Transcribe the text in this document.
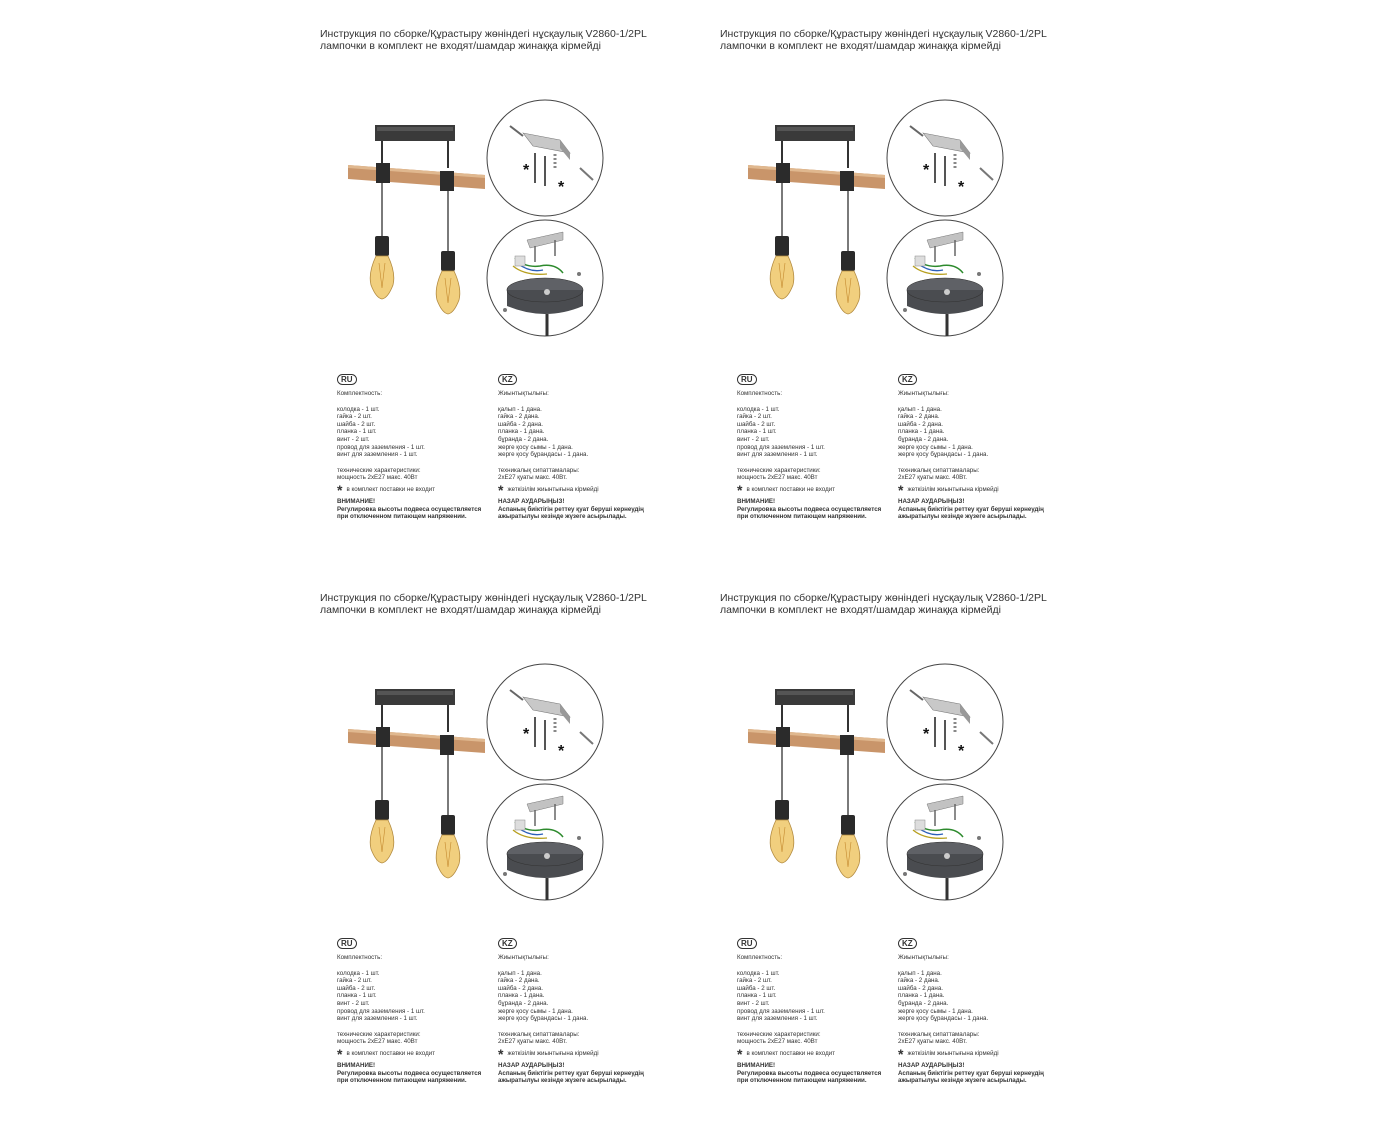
Инструкция по сборке/Құрастыру жөніндегі нұсқаулық V2860-1/2PL
лампочки в комплект не входят/шамдар жинаққа кірмейді
*
*
RU
Комплектность:
колодка - 1 шт.
гайка - 2 шт.
шайба - 2 шт.
планка - 1 шт.
винт - 2 шт.
провод для заземления - 1 шт.
винт для заземления - 1 шт.
технические характеристики:
мощность 2хЕ27 макс. 40Вт
* в комплект поставки не входит
ВНИМАНИЕ!
Регулировка высоты подвеса осуществляется
при отключенном питающем напряжении.
KZ
Жиынтықтылығы:
қалып - 1 дана.
гайка - 2 дана.
шайба - 2 дана.
планка - 1 дана.
бұранда - 2 дана.
жерге қосу сымы - 1 дана.
жерге қосу бұрандасы - 1 дана.
техникалық сипаттамалары:
2хЕ27 қуаты макс. 40Вт.
* жеткізілім жиынтығына кірмейді
НАЗАР АУДАРЫҢЫЗ!
Аспаның биіктігін реттеу қуат беруші кернеудің
ажыратылуы кезінде жүзеге асырылады.
Инструкция по сборке/Құрастыру жөніндегі нұсқаулық V2860-1/2PL
лампочки в комплект не входят/шамдар жинаққа кірмейді
*
*
RU
Комплектность:
колодка - 1 шт.
гайка - 2 шт.
шайба - 2 шт.
планка - 1 шт.
винт - 2 шт.
провод для заземления - 1 шт.
винт для заземления - 1 шт.
технические характеристики:
мощность 2хЕ27 макс. 40Вт
* в комплект поставки не входит
ВНИМАНИЕ!
Регулировка высоты подвеса осуществляется
при отключенном питающем напряжении.
KZ
Жиынтықтылығы:
қалып - 1 дана.
гайка - 2 дана.
шайба - 2 дана.
планка - 1 дана.
бұранда - 2 дана.
жерге қосу сымы - 1 дана.
жерге қосу бұрандасы - 1 дана.
техникалық сипаттамалары:
2хЕ27 қуаты макс. 40Вт.
* жеткізілім жиынтығына кірмейді
НАЗАР АУДАРЫҢЫЗ!
Аспаның биіктігін реттеу қуат беруші кернеудің
ажыратылуы кезінде жүзеге асырылады.
Инструкция по сборке/Құрастыру жөніндегі нұсқаулық V2860-1/2PL
лампочки в комплект не входят/шамдар жинаққа кірмейді
*
*
RU
Комплектность:
колодка - 1 шт.
гайка - 2 шт.
шайба - 2 шт.
планка - 1 шт.
винт - 2 шт.
провод для заземления - 1 шт.
винт для заземления - 1 шт.
технические характеристики:
мощность 2хЕ27 макс. 40Вт
* в комплект поставки не входит
ВНИМАНИЕ!
Регулировка высоты подвеса осуществляется
при отключенном питающем напряжении.
KZ
Жиынтықтылығы:
қалып - 1 дана.
гайка - 2 дана.
шайба - 2 дана.
планка - 1 дана.
бұранда - 2 дана.
жерге қосу сымы - 1 дана.
жерге қосу бұрандасы - 1 дана.
техникалық сипаттамалары:
2хЕ27 қуаты макс. 40Вт.
* жеткізілім жиынтығына кірмейді
НАЗАР АУДАРЫҢЫЗ!
Аспаның биіктігін реттеу қуат беруші кернеудің
ажыратылуы кезінде жүзеге асырылады.
Инструкция по сборке/Құрастыру жөніндегі нұсқаулық V2860-1/2PL
лампочки в комплект не входят/шамдар жинаққа кірмейді
*
*
RU
Комплектность:
колодка - 1 шт.
гайка - 2 шт.
шайба - 2 шт.
планка - 1 шт.
винт - 2 шт.
провод для заземления - 1 шт.
винт для заземления - 1 шт.
технические характеристики:
мощность 2хЕ27 макс. 40Вт
* в комплект поставки не входит
ВНИМАНИЕ!
Регулировка высоты подвеса осуществляется
при отключенном питающем напряжении.
KZ
Жиынтықтылығы:
қалып - 1 дана.
гайка - 2 дана.
шайба - 2 дана.
планка - 1 дана.
бұранда - 2 дана.
жерге қосу сымы - 1 дана.
жерге қосу бұрандасы - 1 дана.
техникалық сипаттамалары:
2хЕ27 қуаты макс. 40Вт.
* жеткізілім жиынтығына кірмейді
НАЗАР АУДАРЫҢЫЗ!
Аспаның биіктігін реттеу қуат беруші кернеудің
ажыратылуы кезінде жүзеге асырылады.
